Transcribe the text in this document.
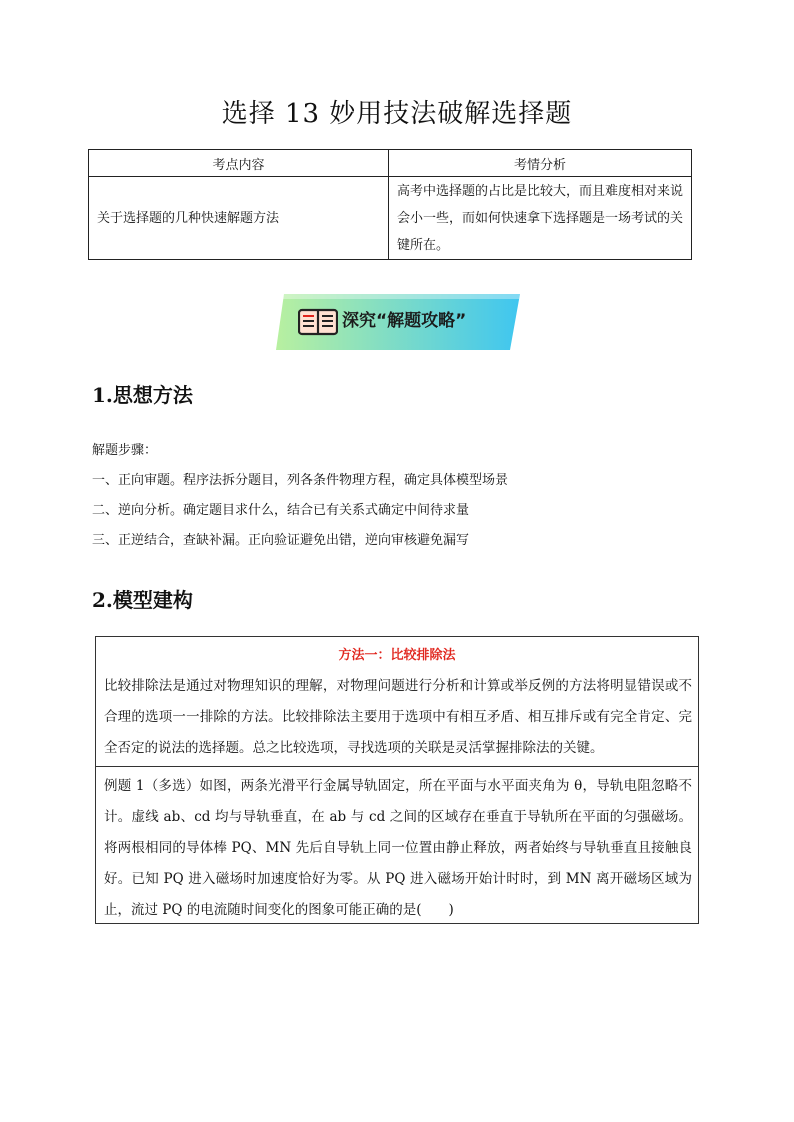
选择 13 妙用技法破解选择题
考点内容	考情分析
关于选择题的几种快速解题方法	高考中选择题的占比是比较大，而且难度相对来说会小一些，而如何快速拿下选择题是一场考试的关键所在。
深究“解题攻略”
1.思想方法
解题步骤：
一、正向审题。程序法拆分题目，列各条件物理方程，确定具体模型场景
二、逆向分析。确定题目求什么，结合已有关系式确定中间待求量
三、正逆结合，查缺补漏。正向验证避免出错，逆向审核避免漏写
2.模型建构
方法一：比较排除法
比较排除法是通过对物理知识的理解，对物理问题进行分析和计算或举反例的方法将明显错误或不合理的选项一一排除的方法。比较排除法主要用于选项中有相互矛盾、相互排斥或有完全肯定、完全否定的说法的选择题。总之比较选项，寻找选项的关联是灵活掌握排除法的关键。
例题 1（多选）如图，两条光滑平行金属导轨固定，所在平面与水平面夹角为 θ，导轨电阻忽略不计。虚线 ab、cd 均与导轨垂直，在 ab 与 cd 之间的区域存在垂直于导轨所在平面的匀强磁场。将两根相同的导体棒 PQ、MN 先后自导轨上同一位置由静止释放，两者始终与导轨垂直且接触良好。已知 PQ 进入磁场时加速度恰好为零。从 PQ 进入磁场开始计时时，到 MN 离开磁场区域为止，流过 PQ 的电流随时间变化的图象可能正确的是(　　)
